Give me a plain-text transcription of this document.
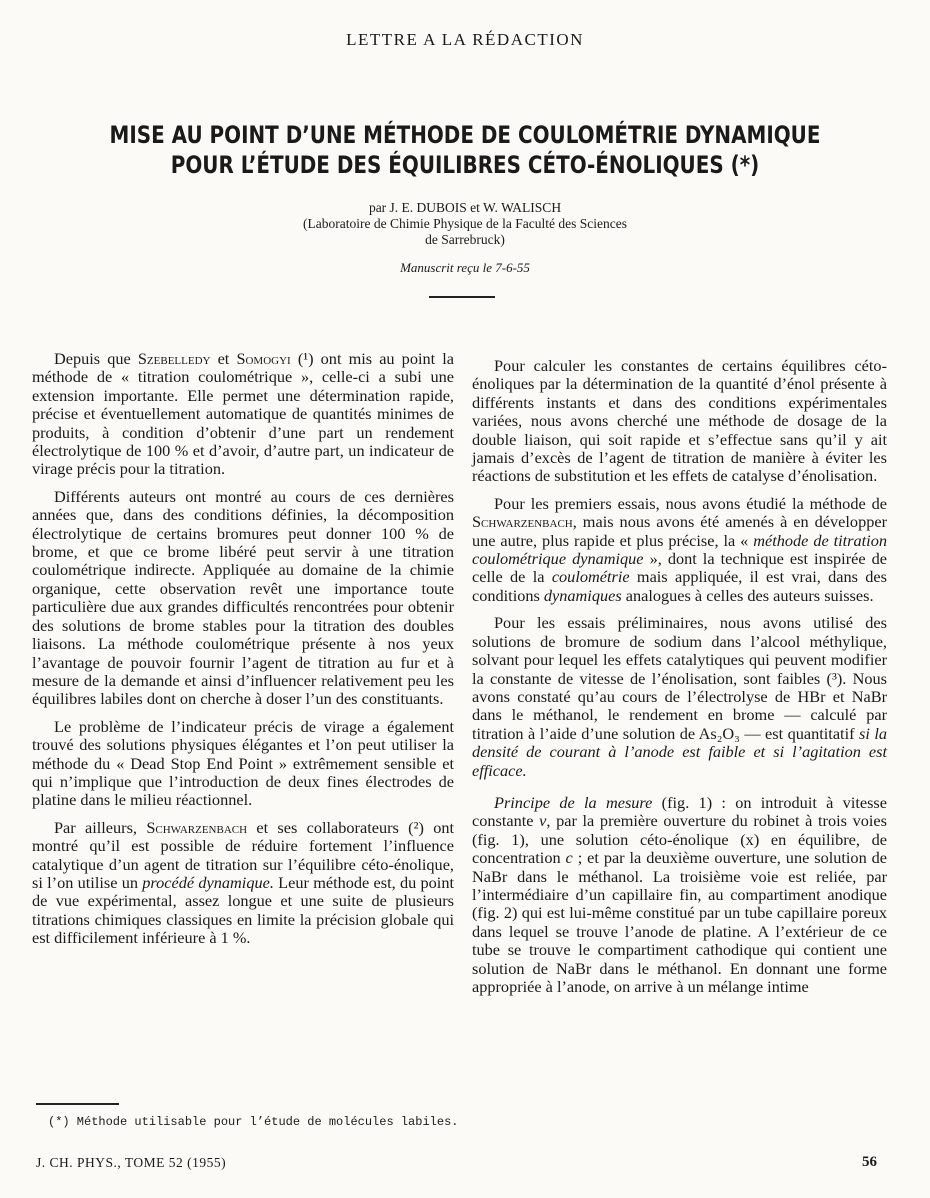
LETTRE A LA RÉDACTION
MISE AU POINT D’UNE MÉTHODE DE COULOMÉTRIE DYNAMIQUE
POUR L’ÉTUDE DES ÉQUILIBRES CÉTO-ÉNOLIQUES (*)
par J. E. DUBOIS et W. WALISCH
(Laboratoire de Chimie Physique de la Faculté des Sciences
de Sarrebruck)
Manuscrit reçu le 7-6-55

Depuis que Szebelledy et Somogyi (¹) ont mis au point la méthode de « titration coulométrique », celle-ci a subi une extension importante. Elle permet une détermination rapide, précise et éventuellement automatique de quantités minimes de produits, à condition d’obtenir d’une part un rendement électrolytique de 100 % et d’avoir, d’autre part, un indicateur de virage précis pour la titration.

Différents auteurs ont montré au cours de ces dernières années que, dans des conditions définies, la décomposition électrolytique de certains bromures peut donner 100 % de brome, et que ce brome libéré peut servir à une titration coulométrique indirecte. Appliquée au domaine de la chimie organique, cette observation revêt une importance toute particulière due aux grandes difficultés rencontrées pour obtenir des solutions de brome stables pour la titration des doubles liaisons. La méthode coulométrique présente à nos yeux l’avantage de pouvoir fournir l’agent de titration au fur et à mesure de la demande et ainsi d’influencer relativement peu les équilibres labiles dont on cherche à doser l’un des constituants.

Le problème de l’indicateur précis de virage a également trouvé des solutions physiques élégantes et l’on peut utiliser la méthode du « Dead Stop End Point » extrêmement sensible et qui n’implique que l’introduction de deux fines électrodes de platine dans le milieu réactionnel.

Par ailleurs, Schwarzenbach et ses collaborateurs (²) ont montré qu’il est possible de réduire fortement l’influence catalytique d’un agent de titration sur l’équilibre céto-énolique, si l’on utilise un procédé dynamique. Leur méthode est, du point de vue expérimental, assez longue et une suite de plusieurs titrations chimiques classiques en limite la précision globale qui est difficilement inférieure à 1 %.

Pour calculer les constantes de certains équilibres céto-énoliques par la détermination de la quantité d’énol présente à différents instants et dans des conditions expérimentales variées, nous avons cherché une méthode de dosage de la double liaison, qui soit rapide et s’effectue sans qu’il y ait jamais d’excès de l’agent de titration de manière à éviter les réactions de substitution et les effets de catalyse d’énolisation.

Pour les premiers essais, nous avons étudié la méthode de Schwarzenbach, mais nous avons été amenés à en développer une autre, plus rapide et plus précise, la « méthode de titration coulométrique dynamique », dont la technique est inspirée de celle de la coulométrie mais appliquée, il est vrai, dans des conditions dynamiques analogues à celles des auteurs suisses.

Pour les essais préliminaires, nous avons utilisé des solutions de bromure de sodium dans l’alcool méthylique, solvant pour lequel les effets catalytiques qui peuvent modifier la constante de vitesse de l’énolisation, sont faibles (³). Nous avons constaté qu’au cours de l’électrolyse de HBr et NaBr dans le méthanol, le rendement en brome — calculé par titration à l’aide d’une solution de As₂O₃ — est quantitatif si la densité de courant à l’anode est faible et si l’agitation est efficace.

Principe de la mesure (fig. 1) : on introduit à vitesse constante v, par la première ouverture du robinet à trois voies (fig. 1), une solution céto-énolique (x) en équilibre, de concentration c ; et par la deuxième ouverture, une solution de NaBr dans le méthanol. La troisième voie est reliée, par l’intermédiaire d’un capillaire fin, au compartiment anodique (fig. 2) qui est lui-même constitué par un tube capillaire poreux dans lequel se trouve l’anode de platine. A l’extérieur de ce tube se trouve le compartiment cathodique qui contient une solution de NaBr dans le méthanol. En donnant une forme appropriée à l’anode, on arrive à un mélange intime

(*) Méthode utilisable pour l’étude de molécules labiles.
J. CH. PHYS., TOME 52 (1955)	56
